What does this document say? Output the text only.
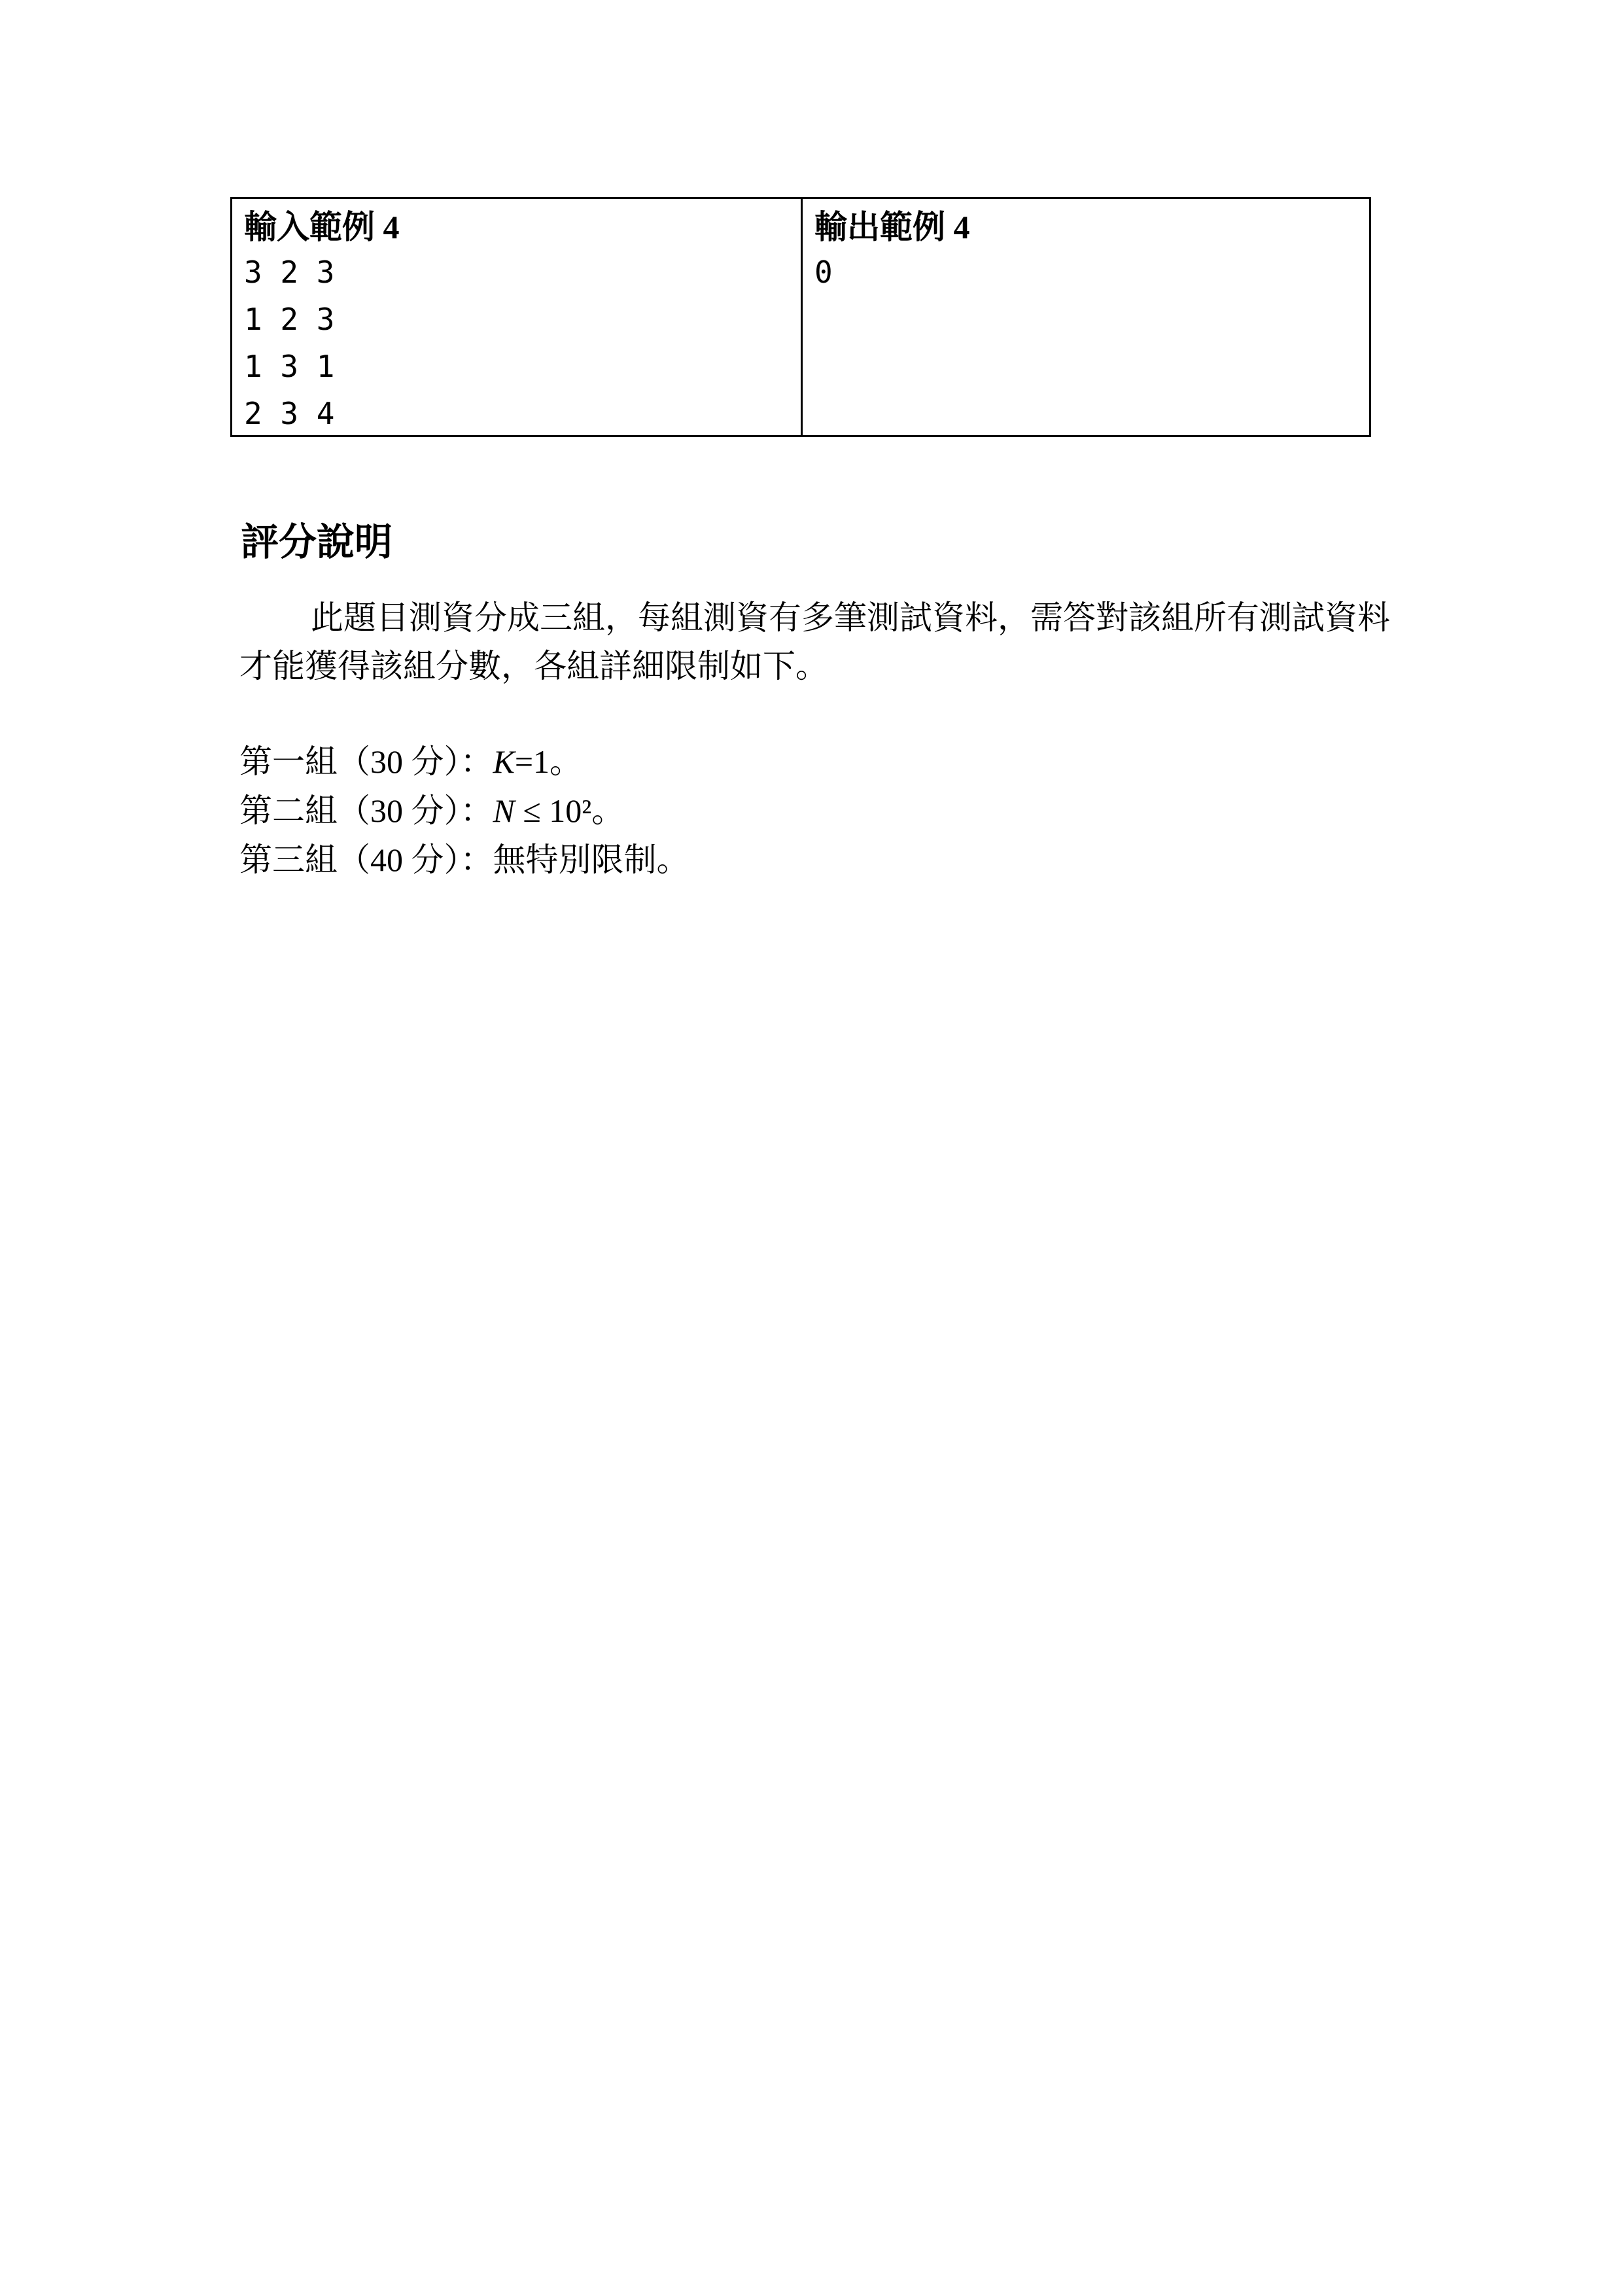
輸入範例 4
3 2 3
1 2 3
1 3 1
2 3 4
輸出範例 4
0
評分說明
此題目測資分成三組，每組測資有多筆測試資料，需答對該組所有測試資料
才能獲得該組分數，各組詳細限制如下。
第一組（30 分）：K=1。
第二組（30 分）：N ≤ 10²。
第三組（40 分）：無特別限制。
